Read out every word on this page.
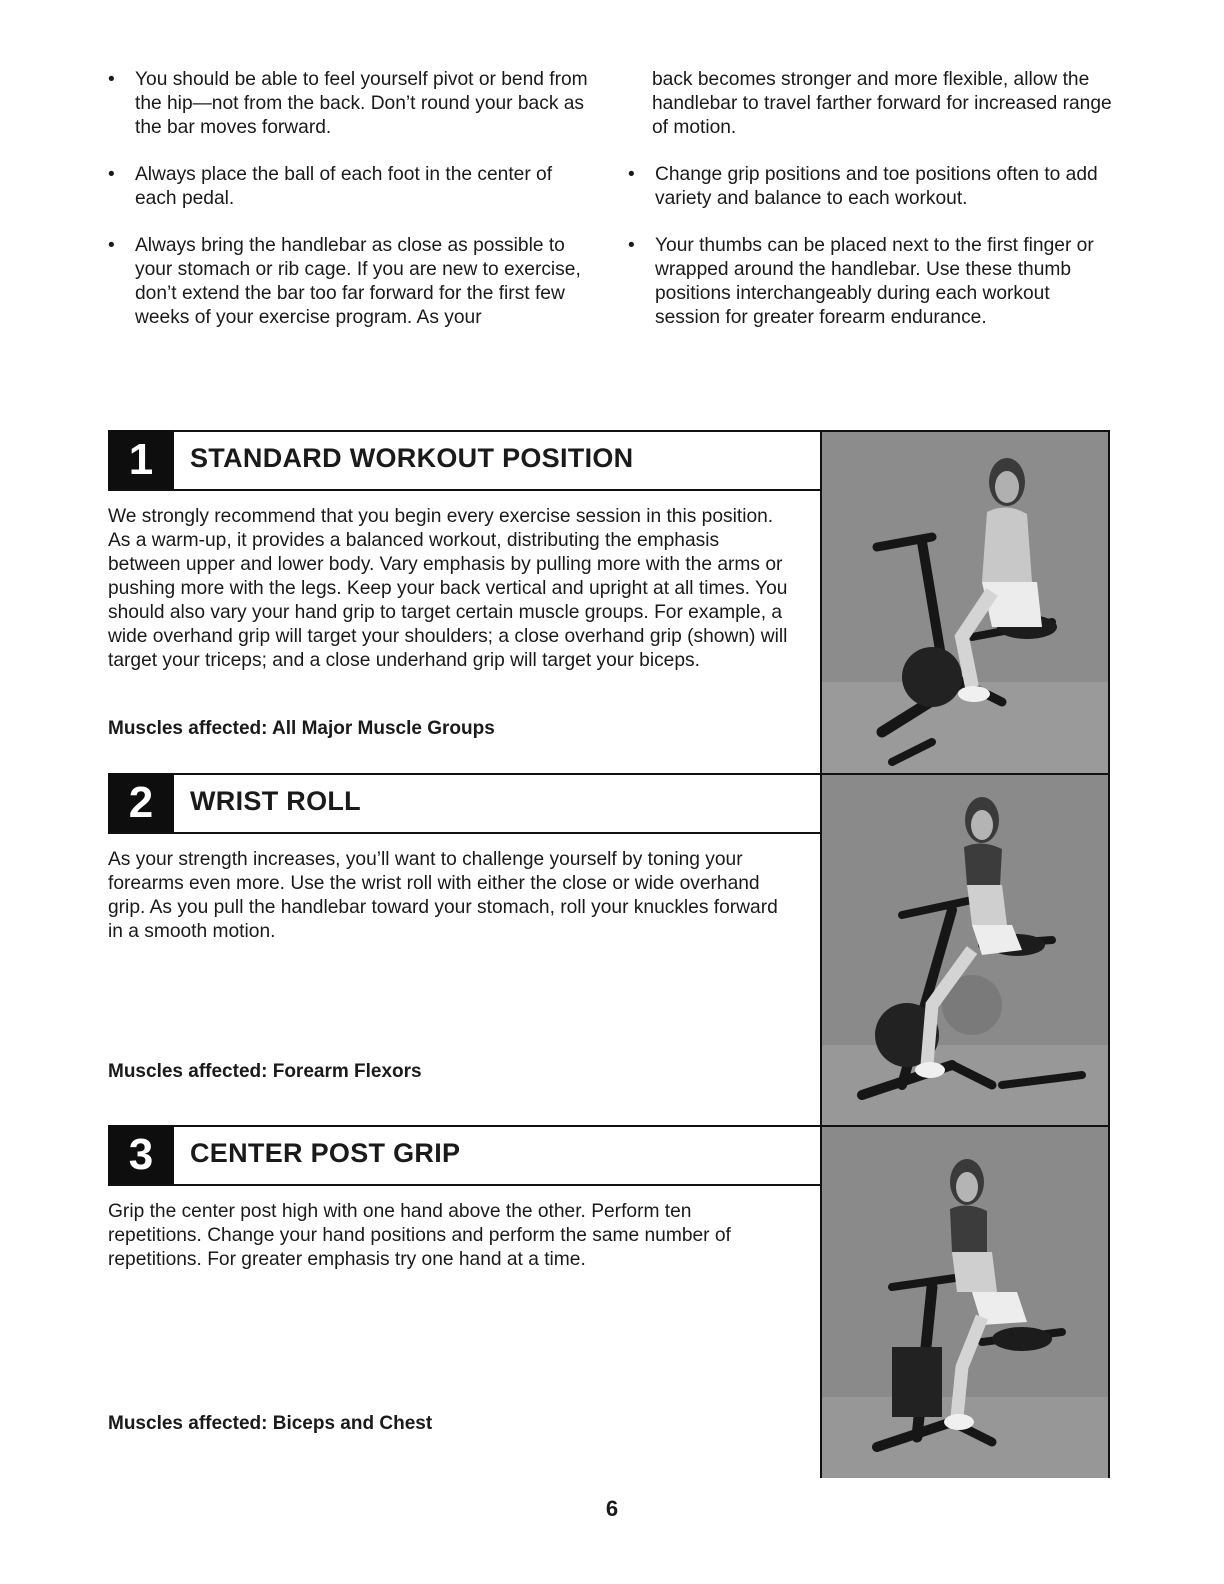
• You should be able to feel yourself pivot or bend from the hip—not from the back. Don’t round your back as the bar moves forward.
• Always place the ball of each foot in the center of each pedal.
• Always bring the handlebar as close as possible to your stomach or rib cage. If you are new to exercise, don’t extend the bar too far forward for the first few weeks of your exercise program. As your
back becomes stronger and more flexible, allow the handlebar to travel farther forward for increased range of motion.
• Change grip positions and toe positions often to add variety and balance to each workout.
• Your thumbs can be placed next to the first finger or wrapped around the handlebar. Use these thumb positions interchangeably during each workout session for greater forearm endurance.
1	STANDARD WORKOUT POSITION
We strongly recommend that you begin every exercise session in this position. As a warm-up, it provides a balanced workout, distributing the emphasis between upper and lower body. Vary emphasis by pulling more with the arms or pushing more with the legs. Keep your back vertical and upright at all times. You should also vary your hand grip to target certain muscle groups. For example, a wide overhand grip will target your shoulders; a close overhand grip (shown) will target your triceps; and a close underhand grip will target your biceps.
Muscles affected: All Major Muscle Groups
2	WRIST ROLL
As your strength increases, you’ll want to challenge yourself by toning your forearms even more. Use the wrist roll with either the close or wide overhand grip. As you pull the handlebar toward your stomach, roll your knuckles forward in a smooth motion.
Muscles affected: Forearm Flexors
3	CENTER POST GRIP
Grip the center post high with one hand above the other. Perform ten repetitions. Change your hand positions and perform the same number of repetitions. For greater emphasis try one hand at a time.
Muscles affected: Biceps and Chest
6
